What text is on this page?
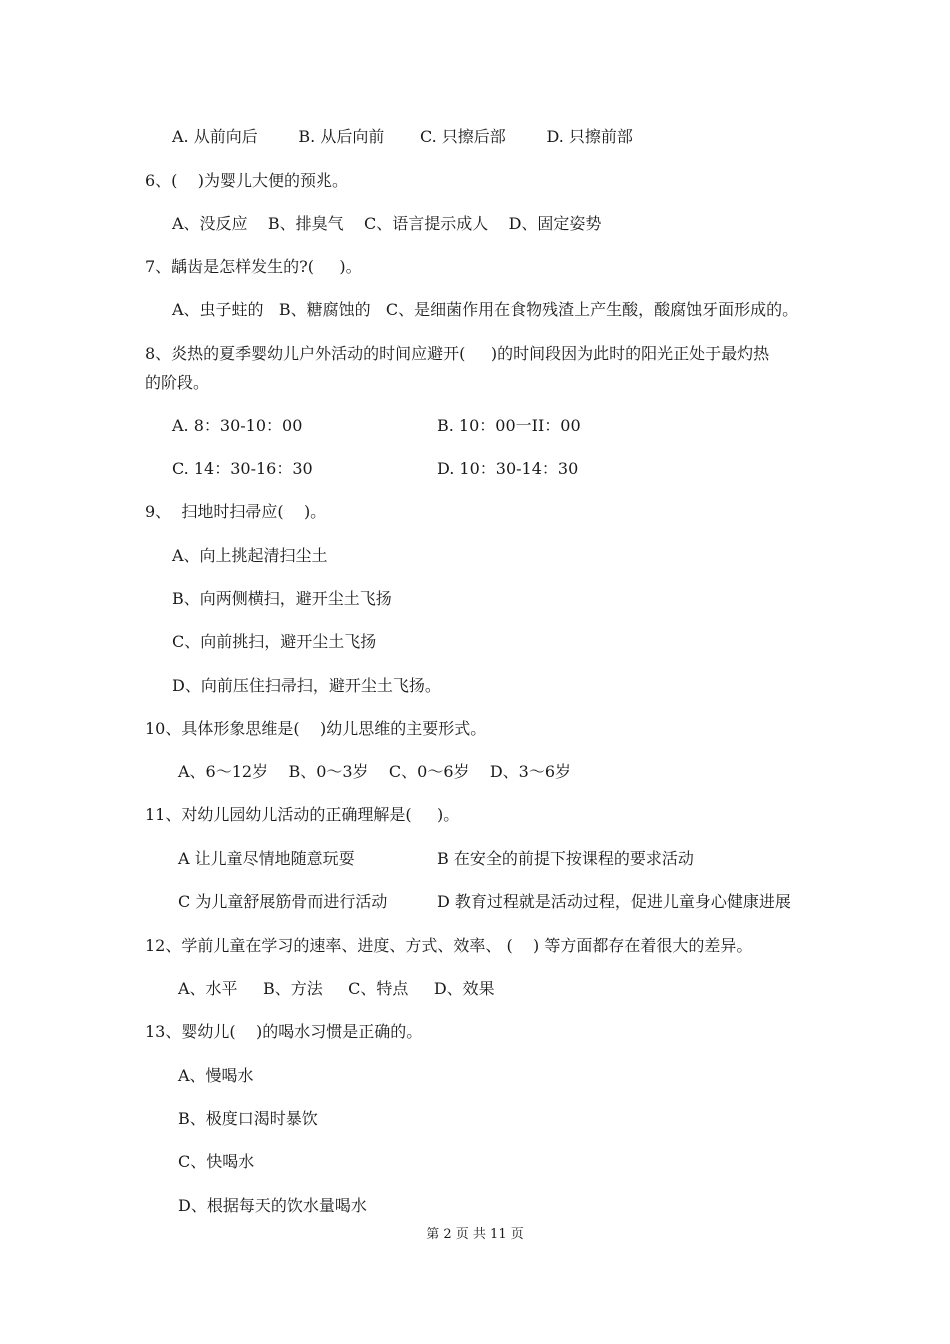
A. 从前向后        B. 从后向前       C. 只擦后部        D. 只擦前部
6、(    )为婴儿大便的预兆。
A、没反应    B、排臭气    C、语言提示成人    D、固定姿势
7、龋齿是怎样发生的?(     )。
A、虫子蛀的   B、糖腐蚀的   C、是细菌作用在食物残渣上产生酸，酸腐蚀牙面形成的。
8、炎热的夏季婴幼儿户外活动的时间应避开(     )的时间段因为此时的阳光正处于最灼热
的阶段。
A. 8：30-10：00	B. 10：00一II：00
C. 14：30-16：30	D. 10：30-14：30
9、  扫地时扫帚应(    )。
A、向上挑起清扫尘土
B、向两侧横扫，避开尘土飞扬
C、向前挑扫，避开尘土飞扬
D、向前压住扫帚扫，避开尘土飞扬。
10、具体形象思维是(    )幼儿思维的主要形式。
A、6～12岁    B、0～3岁    C、0～6岁    D、3～6岁
11、对幼儿园幼儿活动的正确理解是(     )。
A 让儿童尽情地随意玩耍	B 在安全的前提下按课程的要求活动
C 为儿童舒展筋骨而进行活动	D 教育过程就是活动过程，促进儿童身心健康进展
12、学前儿童在学习的速率、进度、方式、效率、 (    ) 等方面都存在着很大的差异。
A、水平     B、方法     C、特点     D、效果
13、婴幼儿(    )的喝水习惯是正确的。
A、慢喝水
B、极度口渴时暴饮
C、快喝水
D、根据每天的饮水量喝水
第 2 页 共 11 页
